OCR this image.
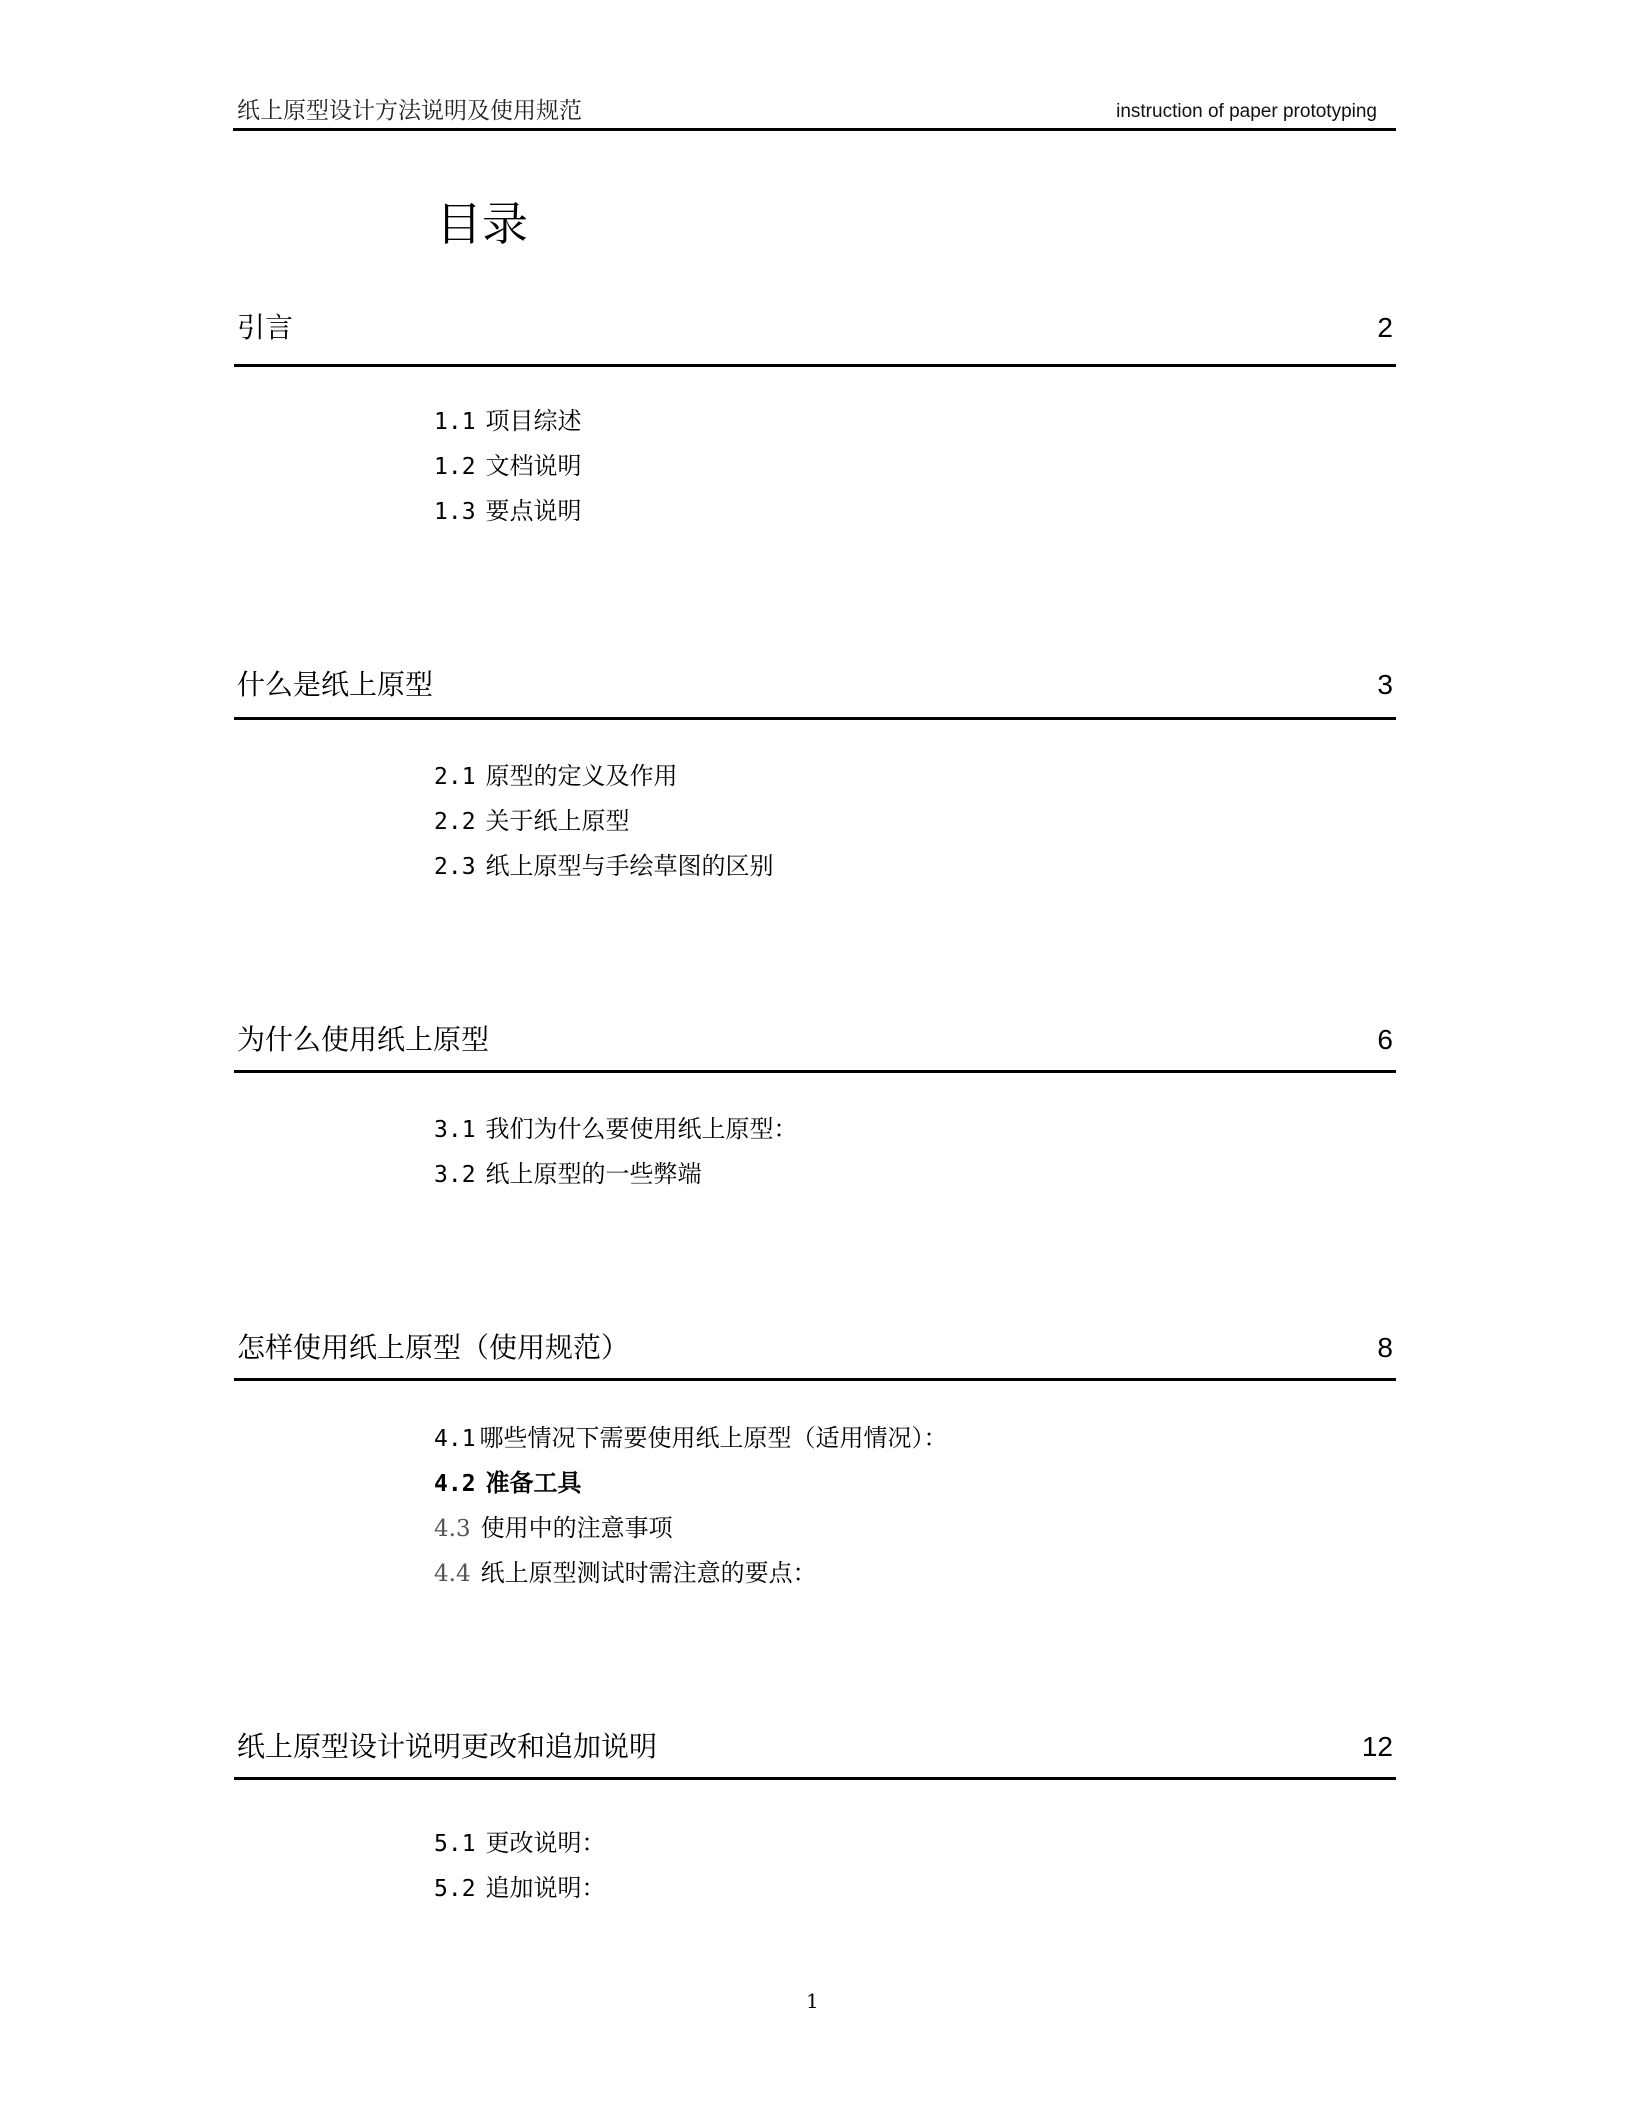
纸上原型设计方法说明及使用规范	instruction of paper prototyping
目录
引言	2
1.1 项目综述
1.2 文档说明
1.3 要点说明
什么是纸上原型	3
2.1 原型的定义及作用
2.2 关于纸上原型
2.3 纸上原型与手绘草图的区别
为什么使用纸上原型	6
3.1 我们为什么要使用纸上原型：
3.2 纸上原型的一些弊端
怎样使用纸上原型（使用规范）	8
4.1 哪些情况下需要使用纸上原型（适用情况）：
4.2 准备工具
4.3 使用中的注意事项
4.4 纸上原型测试时需注意的要点：
纸上原型设计说明更改和追加说明	12
5.1 更改说明：
5.2 追加说明：
1
